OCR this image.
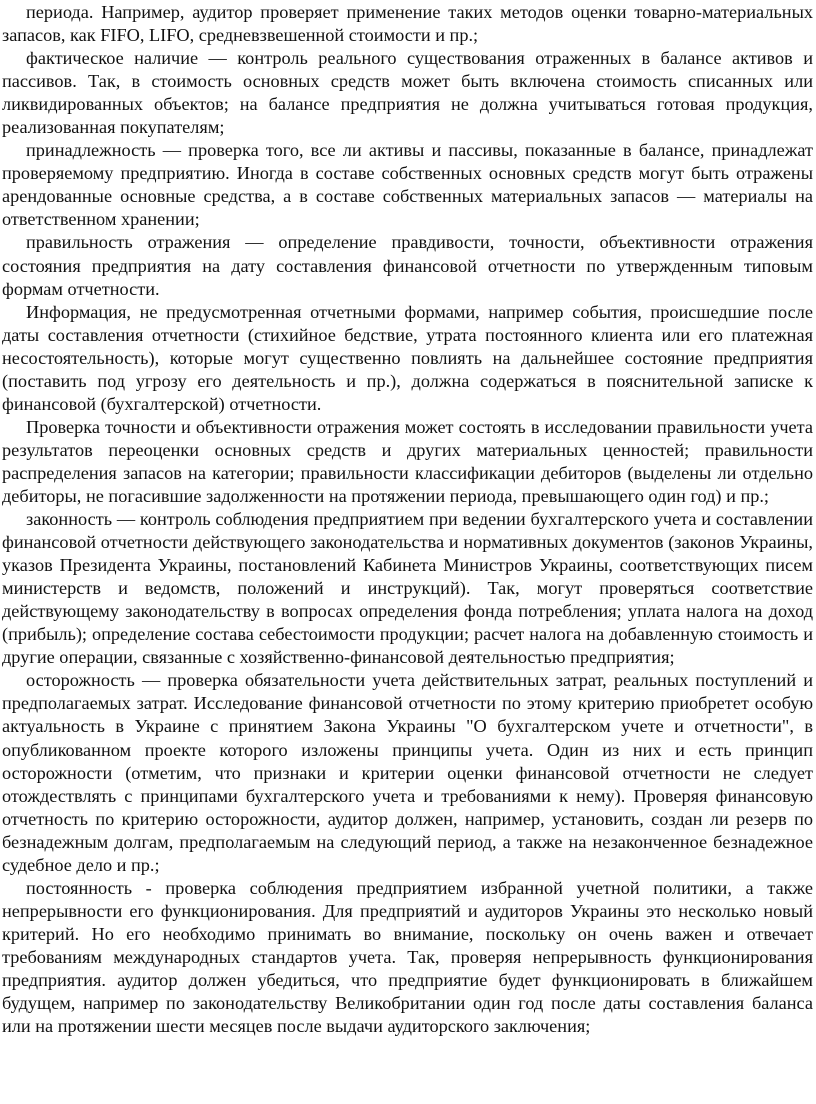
периода. Например, аудитор проверяет применение таких методов оценки товарно-материальных запасов, как FIFO, LIFO, средневзвешенной стоимости и пр.;

фактическое наличие — контроль реального существования отраженных в балансе активов и пассивов. Так, в стоимость основных средств может быть включена стоимость списанных или ликвидированных объектов; на балансе предприятия не должна учитываться готовая продукция, реализованная покупателям;

принадлежность — проверка того, все ли активы и пассивы, показанные в балансе, принадлежат проверяемому предприятию. Иногда в составе собственных основных средств могут быть отражены арендованные основные средства, а в составе собственных материальных запасов — материалы на ответственном хранении;

правильность отражения — определение правдивости, точности, объективности отражения состояния предприятия на дату составления финансовой отчетности по утвержденным типовым формам отчетности.

Информация, не предусмотренная отчетными формами, например события, происшедшие после даты составления отчетности (стихийное бедствие, утрата постоянного клиента или его платежная несостоятельность), которые могут существенно повлиять на дальнейшее состояние предприятия (поставить под угрозу его деятельность и пр.), должна содержаться в пояснительной записке к финансовой (бухгалтерской) отчетности.

Проверка точности и объективности отражения может состоять в исследовании правильности учета результатов переоценки основных средств и других материальных ценностей; правильности распределения запасов на категории; правильности классификации дебиторов (выделены ли отдельно дебиторы, не погасившие задолженности на протяжении периода, превышающего один год) и пр.;

законность — контроль соблюдения предприятием при ведении бухгалтерского учета и составлении финансовой отчетности действующего законодательства и нормативных документов (законов Украины, указов Президента Украины, постановлений Кабинета Министров Украины, соответствующих писем министерств и ведомств, положений и инструкций). Так, могут проверяться соответствие действующему законодательству в вопросах определения фонда потребления; уплата налога на доход (прибыль); определение состава себестоимости продукции; расчет налога на добавленную стоимость и другие операции, связанные с хозяйственно-финансовой деятельностью предприятия;

осторожность — проверка обязательности учета действительных затрат, реальных поступлений и предполагаемых затрат. Исследование финансовой отчетности по этому критерию приобретет особую актуальность в Украине с принятием Закона Украины "О бухгалтерском учете и отчетности", в опубликованном проекте которого изложены принципы учета. Один из них и есть принцип осторожности (отметим, что признаки и критерии оценки финансовой отчетности не следует отождествлять с принципами бухгалтерского учета и требованиями к нему). Проверяя финансовую отчетность по критерию осторожности, аудитор должен, например, установить, создан ли резерв по безнадежным долгам, предполагаемым на следующий период, а также на незаконченное безнадежное судебное дело и пр.;

постоянность - проверка соблюдения предприятием избранной учетной политики, а также непрерывности его функционирования. Для предприятий и аудиторов Украины это несколько новый критерий. Но его необходимо принимать во внимание, поскольку он очень важен и отвечает требованиям международных стандартов учета. Так, проверяя непрерывность функционирования предприятия. аудитор должен убедиться, что предприятие будет функционировать в ближайшем будущем, например по законодательству Великобритании один год после даты составления баланса или на протяжении шести месяцев после выдачи аудиторского заключения;
